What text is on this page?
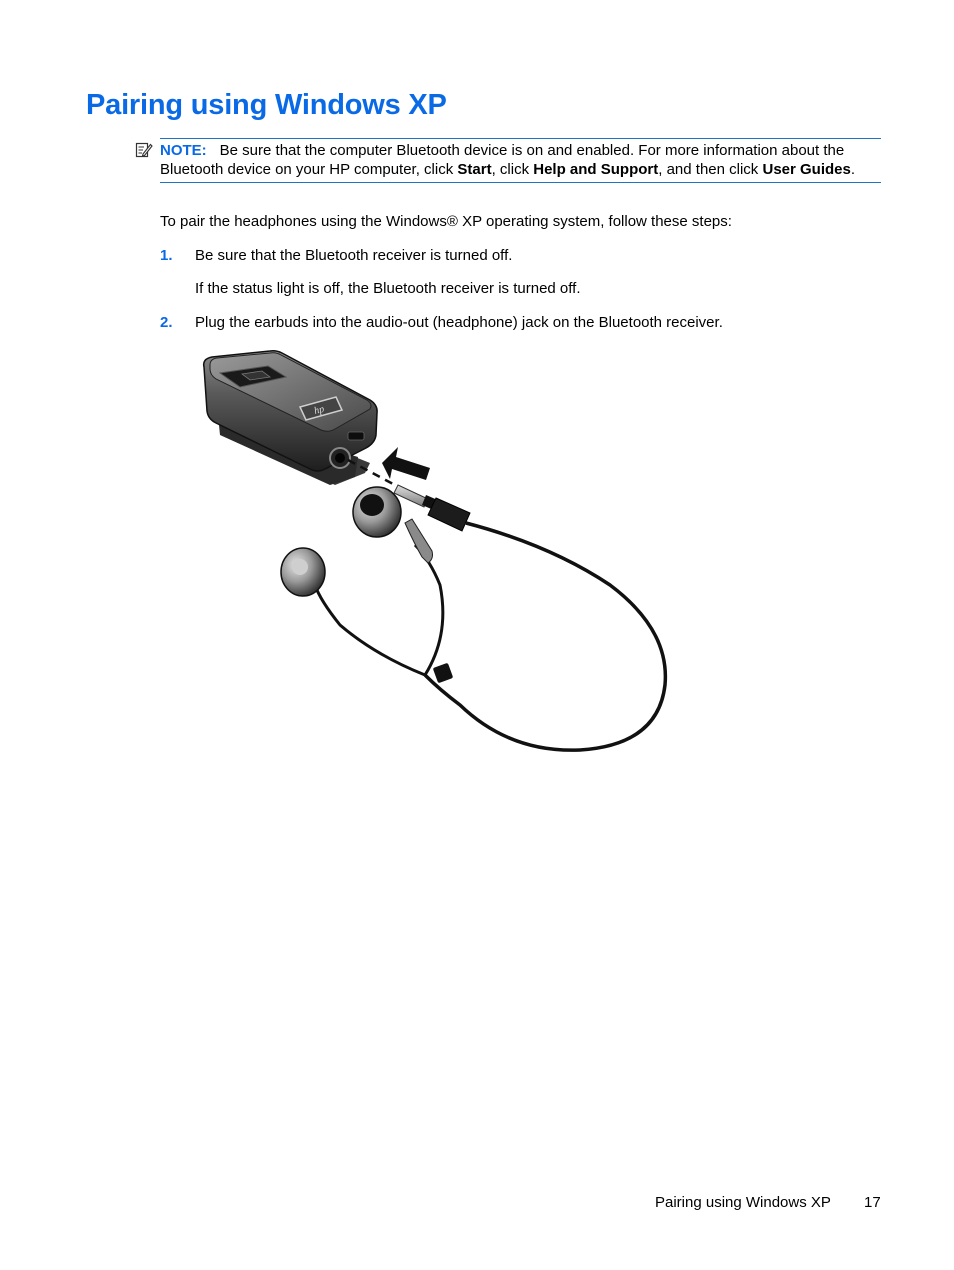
Pairing using Windows XP
NOTE: Be sure that the computer Bluetooth device is on and enabled. For more information about the Bluetooth device on your HP computer, click Start, click Help and Support, and then click User Guides.

To pair the headphones using the Windows® XP operating system, follow these steps:

1. Be sure that the Bluetooth receiver is turned off.

If the status light is off, the Bluetooth receiver is turned off.

2. Plug the earbuds into the audio-out (headphone) jack on the Bluetooth receiver.

hp
Pairing using Windows XP 17
